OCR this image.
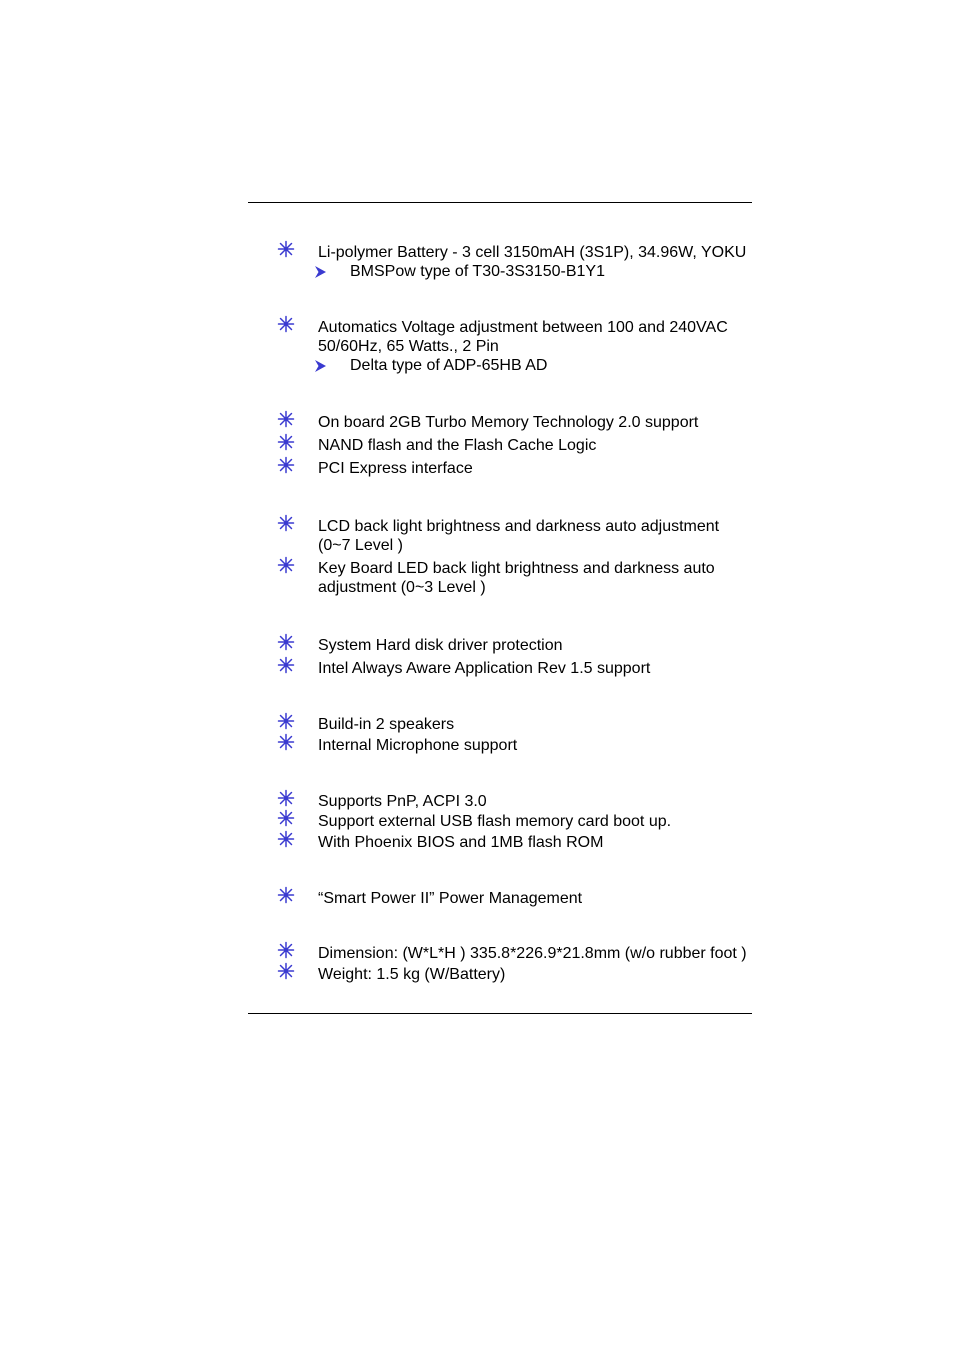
Li-polymer Battery - 3 cell 3150mAH (3S1P), 34.96W, YOKU
BMSPow type of T30-3S3150-B1Y1
Automatics Voltage adjustment between 100 and 240VAC 50/60Hz, 65 Watts., 2 Pin
Delta type of ADP-65HB AD
On board 2GB Turbo Memory Technology 2.0 support
NAND flash and the Flash Cache Logic
PCI Express interface
LCD back light brightness and darkness auto adjustment (0~7 Level )
Key Board LED back light brightness and darkness auto adjustment (0~3 Level )
System Hard disk driver protection
Intel Always Aware Application Rev 1.5 support
Build-in 2 speakers
Internal Microphone support
Supports PnP, ACPI 3.0
Support external USB flash memory card boot up.
With Phoenix BIOS and 1MB flash ROM
“Smart Power II” Power Management
Dimension: (W*L*H ) 335.8*226.9*21.8mm (w/o rubber foot )
Weight: 1.5 kg (W/Battery)
